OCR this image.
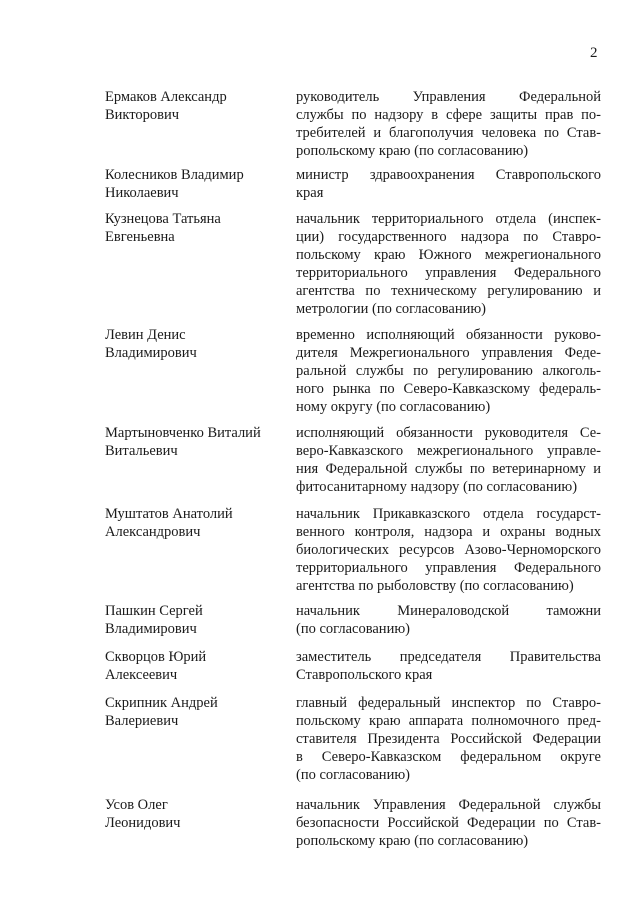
2
Ермаков Александр
Викторович
руководитель Управления Федеральной
службы по надзору в сфере защиты прав по-
требителей и благополучия человека по Став-
ропольскому краю (по согласованию)
Колесников Владимир
Николаевич
министр здравоохранения Ставропольского
края
Кузнецова Татьяна
Евгеньевна
начальник территориального отдела (инспек-
ции) государственного надзора по Ставро-
польскому краю Южного межрегионального
территориального управления Федерального
агентства по техническому регулированию и
метрологии (по согласованию)
Левин Денис
Владимирович
временно исполняющий обязанности руково-
дителя Межрегионального управления Феде-
ральной службы по регулированию алкоголь-
ного рынка по Северо-Кавказскому федераль-
ному округу (по согласованию)
Мартыновченко Виталий
Витальевич
исполняющий обязанности руководителя Се-
веро-Кавказского межрегионального управле-
ния Федеральной службы по ветеринарному и
фитосанитарному надзору (по согласованию)
Муштатов Анатолий
Александрович
начальник Прикавказского отдела государст-
венного контроля, надзора и охраны водных
биологических ресурсов Азово-Черноморского
территориального управления Федерального
агентства по рыболовству (по согласованию)
Пашкин Сергей
Владимирович
начальник Минераловодской таможни
(по согласованию)
Скворцов Юрий
Алексеевич
заместитель председателя Правительства
Ставропольского края
Скрипник Андрей
Валериевич
главный федеральный инспектор по Ставро-
польскому краю аппарата полномочного пред-
ставителя Президента Российской Федерации
в Северо-Кавказском федеральном округе
(по согласованию)
Усов Олег
Леонидович
начальник Управления Федеральной службы
безопасности Российской Федерации по Став-
ропольскому краю (по согласованию)
